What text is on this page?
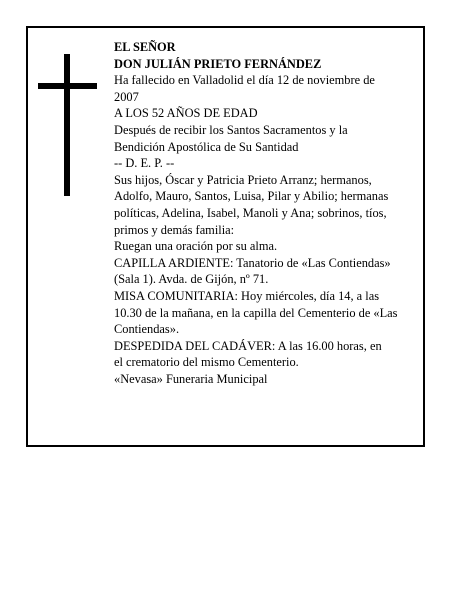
EL SEÑOR
DON JULIÁN PRIETO FERNÁNDEZ
Ha fallecido en Valladolid el día 12 de noviembre de
2007
A LOS 52 AÑOS DE EDAD
Después de recibir los Santos Sacramentos y la
Bendición Apostólica de Su Santidad
-- D. E. P. --
Sus hijos, Óscar y Patricia Prieto Arranz; hermanos,
Adolfo, Mauro, Santos, Luisa, Pilar y Abilio; hermanas
políticas, Adelina, Isabel, Manoli y Ana; sobrinos, tíos,
primos y demás familia:
Ruegan una oración por su alma.
CAPILLA ARDIENTE: Tanatorio de «Las Contiendas»
(Sala 1). Avda. de Gijón, nº 71.
MISA COMUNITARIA: Hoy miércoles, día 14, a las
10.30 de la mañana, en la capilla del Cementerio de «Las
Contiendas».
DESPEDIDA DEL CADÁVER: A las 16.00 horas, en
el crematorio del mismo Cementerio.
«Nevasa» Funeraria Municipal
